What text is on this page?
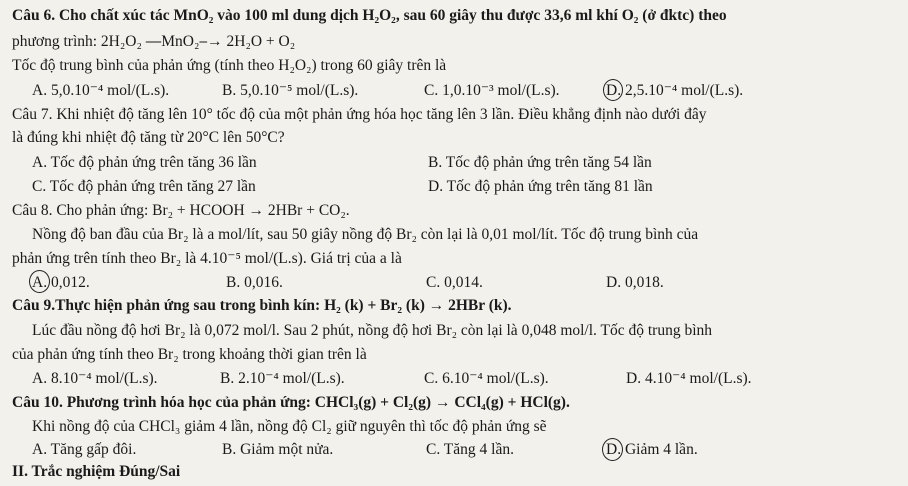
Câu 6. Cho chất xúc tác MnO₂ vào 100 ml dung dịch H₂O₂, sau 60 giây thu được 33,6 ml khí O₂ (ở đktc) theo
phương trình: 2H₂O₂ ⎯⎯MnO₂⎯→ 2H₂O + O₂
Tốc độ trung bình của phản ứng (tính theo H₂O₂) trong 60 giây trên là
A. 5,0.10⁻⁴ mol/(L.s).	B. 5,0.10⁻⁵ mol/(L.s).	C. 1,0.10⁻³ mol/(L.s).	D. 2,5.10⁻⁴ mol/(L.s).
Câu 7. Khi nhiệt độ tăng lên 10° tốc độ của một phản ứng hóa học tăng lên 3 lần. Điều khẳng định nào dưới đây
là đúng khi nhiệt độ tăng từ 20°C lên 50°C?
A. Tốc độ phản ứng trên tăng 36 lần	B. Tốc độ phản ứng trên tăng 54 lần
C. Tốc độ phản ứng trên tăng 27 lần	D. Tốc độ phản ứng trên tăng 81 lần
Câu 8. Cho phản ứng: Br₂ + HCOOH → 2HBr + CO₂.
Nồng độ ban đầu của Br₂ là a mol/lít, sau 50 giây nồng độ Br₂ còn lại là 0,01 mol/lít. Tốc độ trung bình của
phản ứng trên tính theo Br₂ là 4.10⁻⁵ mol/(L.s). Giá trị của a là
A. 0,012.	B. 0,016.	C. 0,014.	D. 0,018.
Câu 9.Thực hiện phản ứng sau trong bình kín: H₂ (k) + Br₂ (k) → 2HBr (k).
Lúc đầu nồng độ hơi Br₂ là 0,072 mol/l. Sau 2 phút, nồng độ hơi Br₂ còn lại là 0,048 mol/l. Tốc độ trung bình
của phản ứng tính theo Br₂ trong khoảng thời gian trên là
A. 8.10⁻⁴ mol/(L.s).	B. 2.10⁻⁴ mol/(L.s).	C. 6.10⁻⁴ mol/(L.s).	D. 4.10⁻⁴ mol/(L.s).
Câu 10. Phương trình hóa học của phản ứng: CHCl₃(g) + Cl₂(g) → CCl₄(g) + HCl(g).
Khi nồng độ của CHCl₃ giảm 4 lần, nồng độ Cl₂ giữ nguyên thì tốc độ phản ứng sẽ
A. Tăng gấp đôi.	B. Giảm một nửa.	C. Tăng 4 lần.	D. Giảm 4 lần.
II. Trắc nghiệm Đúng/Sai
